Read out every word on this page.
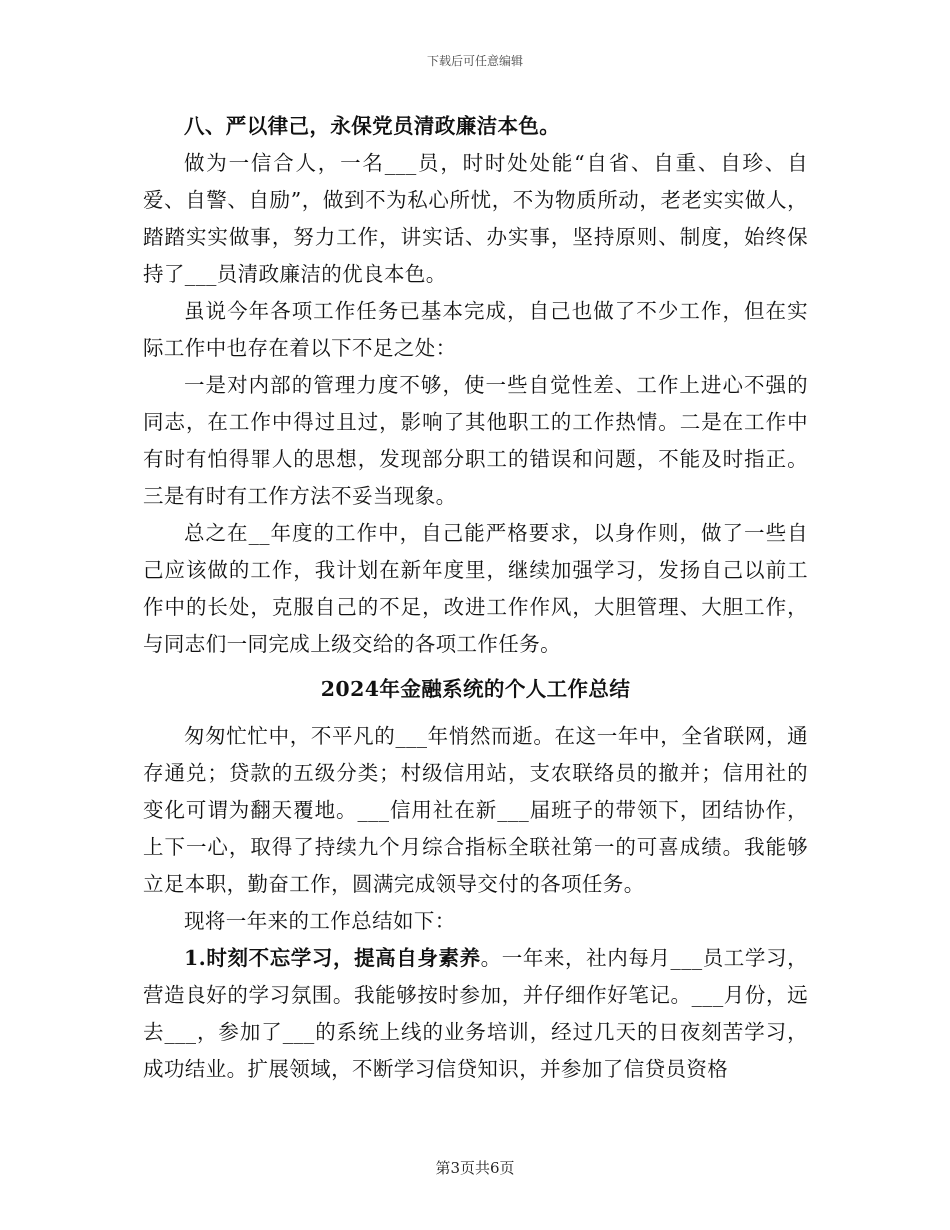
下载后可任意编辑

八、严以律己，永保党员清政廉洁本色。

做为一信合人，一名___员，时时处处能“自省、自重、自珍、自爱、自警、自励”，做到不为私心所忧，不为物质所动，老老实实做人，踏踏实实做事，努力工作，讲实话、办实事，坚持原则、制度，始终保持了___员清政廉洁的优良本色。

虽说今年各项工作任务已基本完成，自己也做了不少工作，但在实际工作中也存在着以下不足之处：

一是对内部的管理力度不够，使一些自觉性差、工作上进心不强的同志，在工作中得过且过，影响了其他职工的工作热情。二是在工作中有时有怕得罪人的思想，发现部分职工的错误和问题，不能及时指正。三是有时有工作方法不妥当现象。

总之在__年度的工作中，自己能严格要求，以身作则，做了一些自己应该做的工作，我计划在新年度里，继续加强学习，发扬自己以前工作中的长处，克服自己的不足，改进工作作风，大胆管理、大胆工作，与同志们一同完成上级交给的各项工作任务。

2024年金融系统的个人工作总结

匆匆忙忙中，不平凡的___年悄然而逝。在这一年中，全省联网，通存通兑；贷款的五级分类；村级信用站，支农联络员的撤并；信用社的变化可谓为翻天覆地。___信用社在新___届班子的带领下，团结协作，上下一心，取得了持续九个月综合指标全联社第一的可喜成绩。我能够立足本职，勤奋工作，圆满完成领导交付的各项任务。

现将一年来的工作总结如下：

1.时刻不忘学习，提高自身素养。一年来，社内每月___员工学习，营造良好的学习氛围。我能够按时参加，并仔细作好笔记。___月份，远去___，参加了___的系统上线的业务培训，经过几天的日夜刻苦学习，成功结业。扩展领域，不断学习信贷知识，并参加了信贷员资格

第3页共6页
